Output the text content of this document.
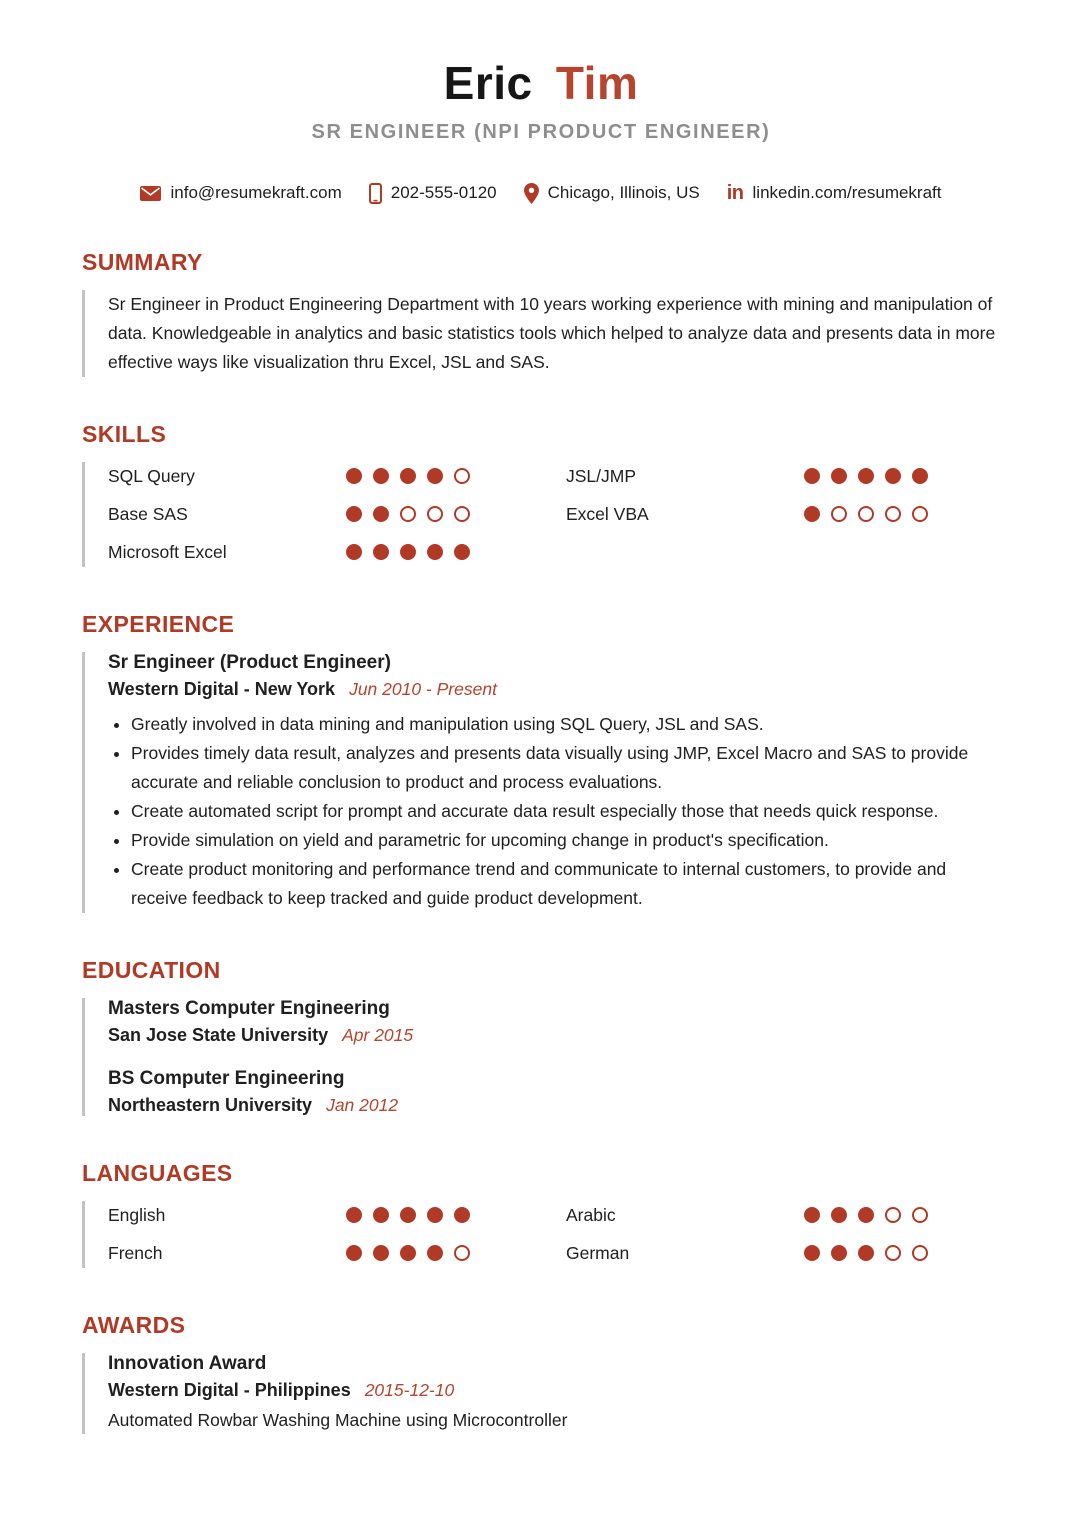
Eric Tim
SR ENGINEER (NPI PRODUCT ENGINEER)
info@resumekraft.com	202-555-0120	Chicago, Illinois, US in linkedin.com/resumekraft
SUMMARY
Sr Engineer in Product Engineering Department with 10 years working experience with mining and manipulation of data. Knowledgeable in analytics and basic statistics tools which helped to analyze data and presents data in more effective ways like visualization thru Excel, JSL and SAS.
SKILLS
SQL Query
Base SAS
Microsoft Excel
JSL/JMP
Excel VBA
EXPERIENCE
Sr Engineer (Product Engineer)
Western Digital - New York Jun 2010 - Present
• Greatly involved in data mining and manipulation using SQL Query, JSL and SAS.
• Provides timely data result, analyzes and presents data visually using JMP, Excel Macro and SAS to provide accurate and reliable conclusion to product and process evaluations.
• Create automated script for prompt and accurate data result especially those that needs quick response.
• Provide simulation on yield and parametric for upcoming change in product's specification.
• Create product monitoring and performance trend and communicate to internal customers, to provide and receive feedback to keep tracked and guide product development.
EDUCATION
Masters Computer Engineering
San Jose State University Apr 2015
BS Computer Engineering
Northeastern University Jan 2012
LANGUAGES
English
French
Arabic
German
AWARDS
Innovation Award
Western Digital - Philippines 2015-12-10
Automated Rowbar Washing Machine using Microcontroller
